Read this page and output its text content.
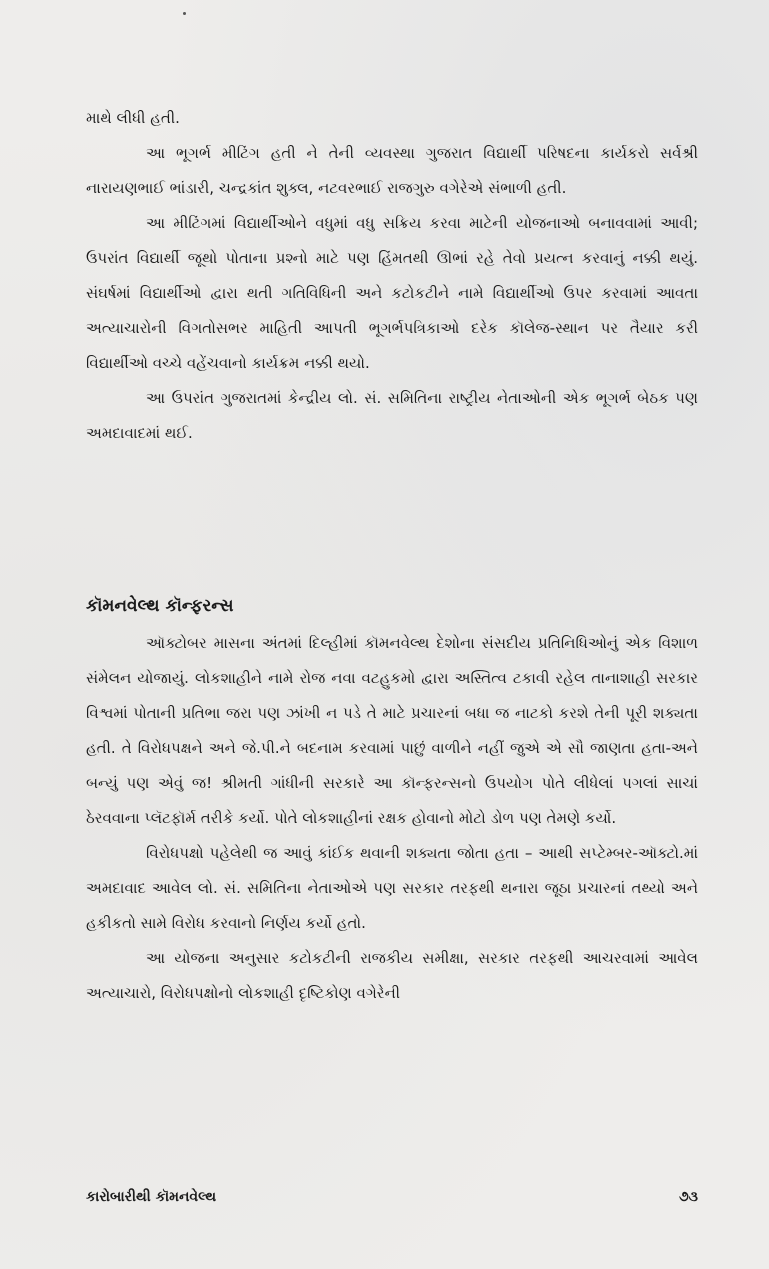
માથે લીધી હતી.

આ ભૂગર્ભ મીટિંગ હતી ને તેની વ્યવસ્થા ગુજરાત વિદ્યાર્થી પરિષદના કાર્યકરો સર્વશ્રી નારાયણભાઈ ભાંડારી, ચન્દ્રકાંત શુક્લ, નટવરભાઈ રાજગુરુ વગેરેએ સંભાળી હતી.

આ મીટિંગમાં વિદ્યાર્થીઓને વધુમાં વધુ સક્રિય કરવા માટેની યોજનાઓ બનાવવામાં આવી; ઉપરાંત વિદ્યાર્થી જૂથો પોતાના પ્રશ્નો માટે પણ હિંમતથી ઊભાં રહે તેવો પ્રયત્ન કરવાનું નક્કી થયું. સંઘર્ષમાં વિદ્યાર્થીઓ દ્વારા થતી ગતિવિધિની અને કટોકટીને નામે વિદ્યાર્થીઓ ઉપર કરવામાં આવતા અત્યાચારોની વિગતોસભર માહિતી આપતી ભૂગર્ભપત્રિકાઓ દરેક કૉલેજ-સ્થાન પર તૈયાર કરી વિદ્યાર્થીઓ વચ્ચે વહેંચવાનો કાર્યક્રમ નક્કી થયો.

આ ઉપરાંત ગુજરાતમાં કેન્દ્રીય લો. સં. સમિતિના રાષ્ટ્રીય નેતાઓની એક ભૂગર્ભ બેઠક પણ અમદાવાદમાં થઈ.

કૉમનવેલ્થ કૉન્ફરન્સ

ઑક્ટોબર માસના અંતમાં દિલ્હીમાં કૉમનવેલ્થ દેશોના સંસદીય પ્રતિનિધિઓનું એક વિશાળ સંમેલન યોજાયું. લોકશાહીને નામે રોજ નવા વટહુકમો દ્વારા અસ્તિત્વ ટકાવી રહેલ તાનાશાહી સરકાર વિશ્વમાં પોતાની પ્રતિભા જરા પણ ઝાંખી ન પડે તે માટે પ્રચારનાં બધા જ નાટકો કરશે તેની પૂરી શક્યતા હતી. તે વિરોધપક્ષને અને જે.પી.ને બદનામ કરવામાં પાછું વાળીને નહીં જુએ એ સૌ જાણતા હતા-અને બન્યું પણ એવું જ! શ્રીમતી ગાંધીની સરકારે આ કૉન્ફરન્સનો ઉપયોગ પોતે લીધેલાં પગલાં સાચાં ઠેરવવાના પ્લૅટફૉર્મ તરીકે કર્યો. પોતે લોકશાહીનાં રક્ષક હોવાનો મોટો ડોળ પણ તેમણે કર્યો.

વિરોધપક્ષો પહેલેથી જ આવું કાંઈક થવાની શક્યતા જોતા હતા – આથી સપ્ટેમ્બર-ઑક્ટો.માં અમદાવાદ આવેલ લો. સં. સમિતિના નેતાઓએ પણ સરકાર તરફથી થનારા જૂઠા પ્રચારનાં તથ્યો અને હકીકતો સામે વિરોધ કરવાનો નિર્ણય કર્યો હતો.

આ યોજના અનુસાર કટોકટીની રાજકીય સમીક્ષા, સરકાર તરફથી આચરવામાં આવેલ અત્યાચારો, વિરોધપક્ષોનો લોકશાહી દૃષ્ટિકોણ વગેરેની

કારોબારીથી કૉમનવેલ્થ	૭૩
